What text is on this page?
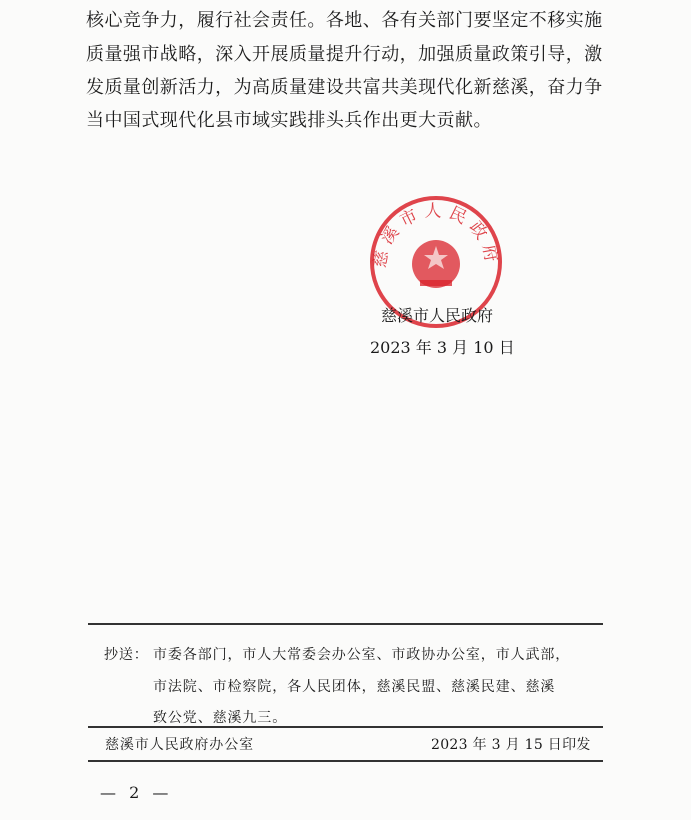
核心竞争力，履行社会责任。各地、各有关部门要坚定不移实施
质量强市战略，深入开展质量提升行动，加强质量政策引导，激
发质量创新活力，为高质量建设共富共美现代化新慈溪，奋力争
当中国式现代化县市域实践排头兵作出更大贡献。
慈溪市人民政府
慈溪市人民政府
2023 年 3 月 10 日
抄送： 市委各部门，市人大常委会办公室、市政协办公室，市人武部，
市法院、市检察院，各人民团体，慈溪民盟、慈溪民建、慈溪
致公党、慈溪九三。
慈溪市人民政府办公室	2023 年 3 月 15 日印发
— 2 —
